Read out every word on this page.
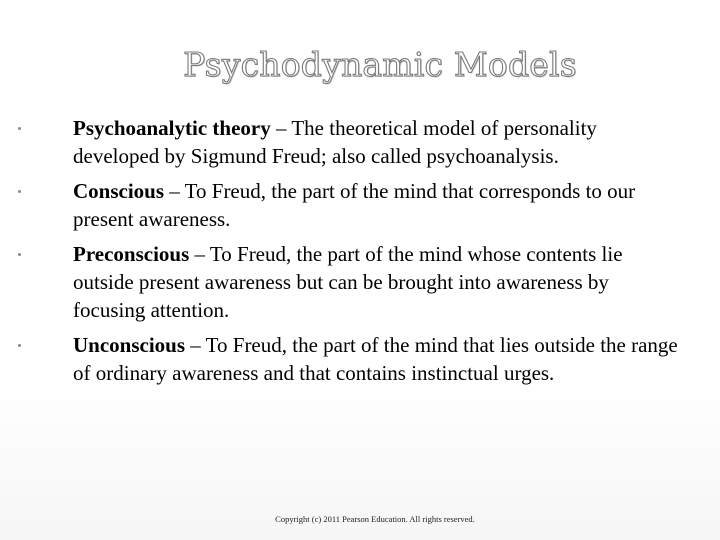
Psychodynamic Models
Psychoanalytic theory – The theoretical model of personality developed by Sigmund Freud; also called psychoanalysis.
Conscious – To Freud, the part of the mind that corresponds to our present awareness.
Preconscious – To Freud, the part of the mind whose contents lie outside present awareness but can be brought into awareness by focusing attention.
Unconscious – To Freud, the part of the mind that lies outside the range of ordinary awareness and that contains instinctual urges.
Copyright (c) 2011 Pearson Education. All rights reserved.
